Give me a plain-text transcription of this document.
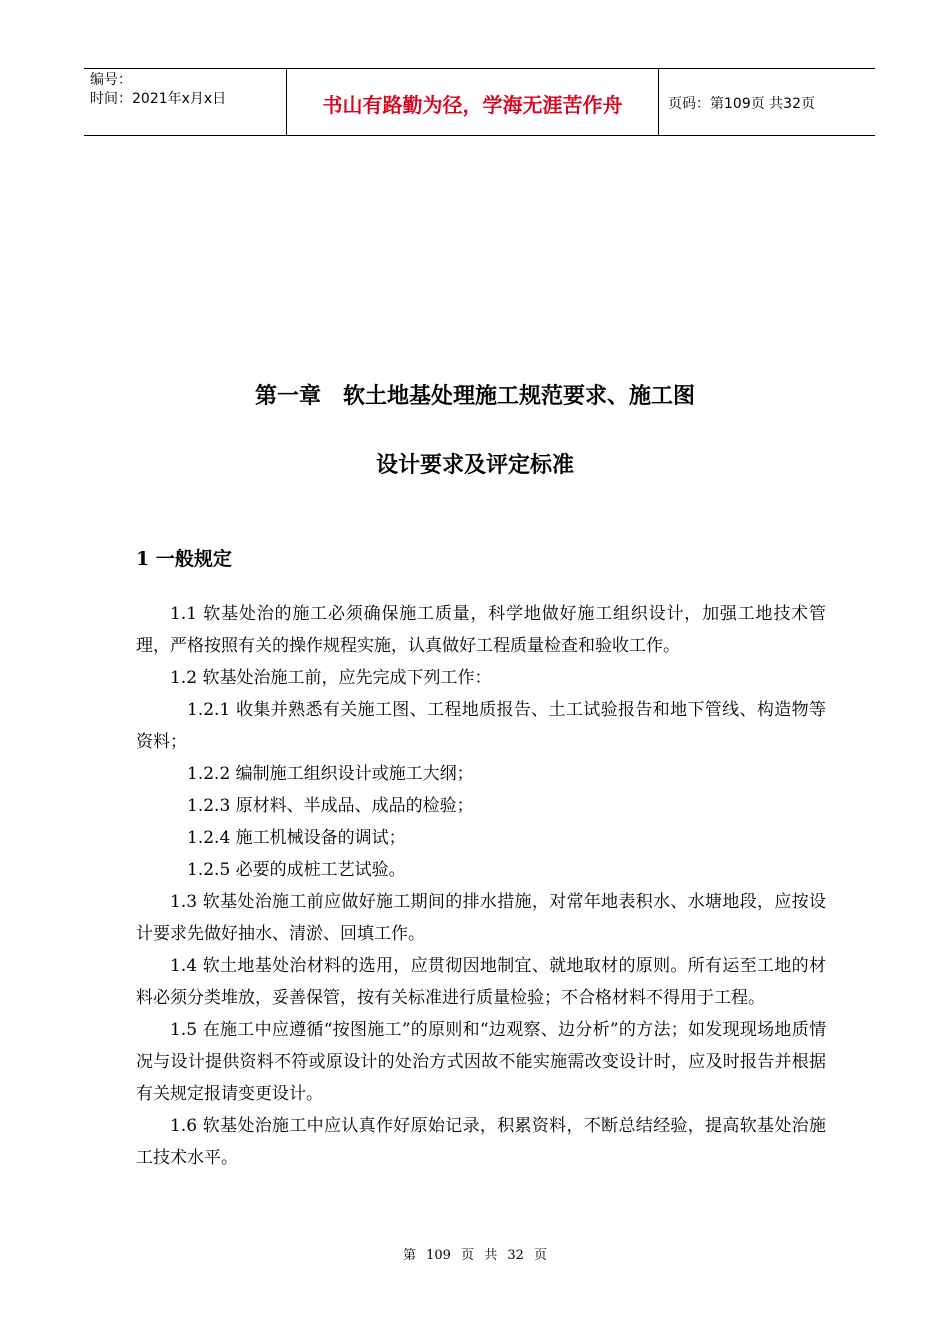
编号：
时间：2021年x月x日	书山有路勤为径，学海无涯苦作舟	页码：第109页 共32页
第一章　软土地基处理施工规范要求、施工图
设计要求及评定标准
1 一般规定

1.1 软基处治的施工必须确保施工质量，科学地做好施工组织设计，加强工地技术管理，严格按照有关的操作规程实施，认真做好工程质量检查和验收工作。

1.2 软基处治施工前，应先完成下列工作：

1.2.1 收集并熟悉有关施工图、工程地质报告、土工试验报告和地下管线、构造物等资料；

1.2.2 编制施工组织设计或施工大纲；

1.2.3 原材料、半成品、成品的检验；

1.2.4 施工机械设备的调试；

1.2.5 必要的成桩工艺试验。

1.3 软基处治施工前应做好施工期间的排水措施，对常年地表积水、水塘地段，应按设计要求先做好抽水、清淤、回填工作。

1.4 软土地基处治材料的选用，应贯彻因地制宜、就地取材的原则。所有运至工地的材料必须分类堆放，妥善保管，按有关标准进行质量检验；不合格材料不得用于工程。

1.5 在施工中应遵循“按图施工”的原则和“边观察、边分析”的方法；如发现现场地质情况与设计提供资料不符或原设计的处治方式因故不能实施需改变设计时，应及时报告并根据有关规定报请变更设计。

1.6 软基处治施工中应认真作好原始记录，积累资料，不断总结经验，提高软基处治施工技术水平。

第 109 页 共 32 页
